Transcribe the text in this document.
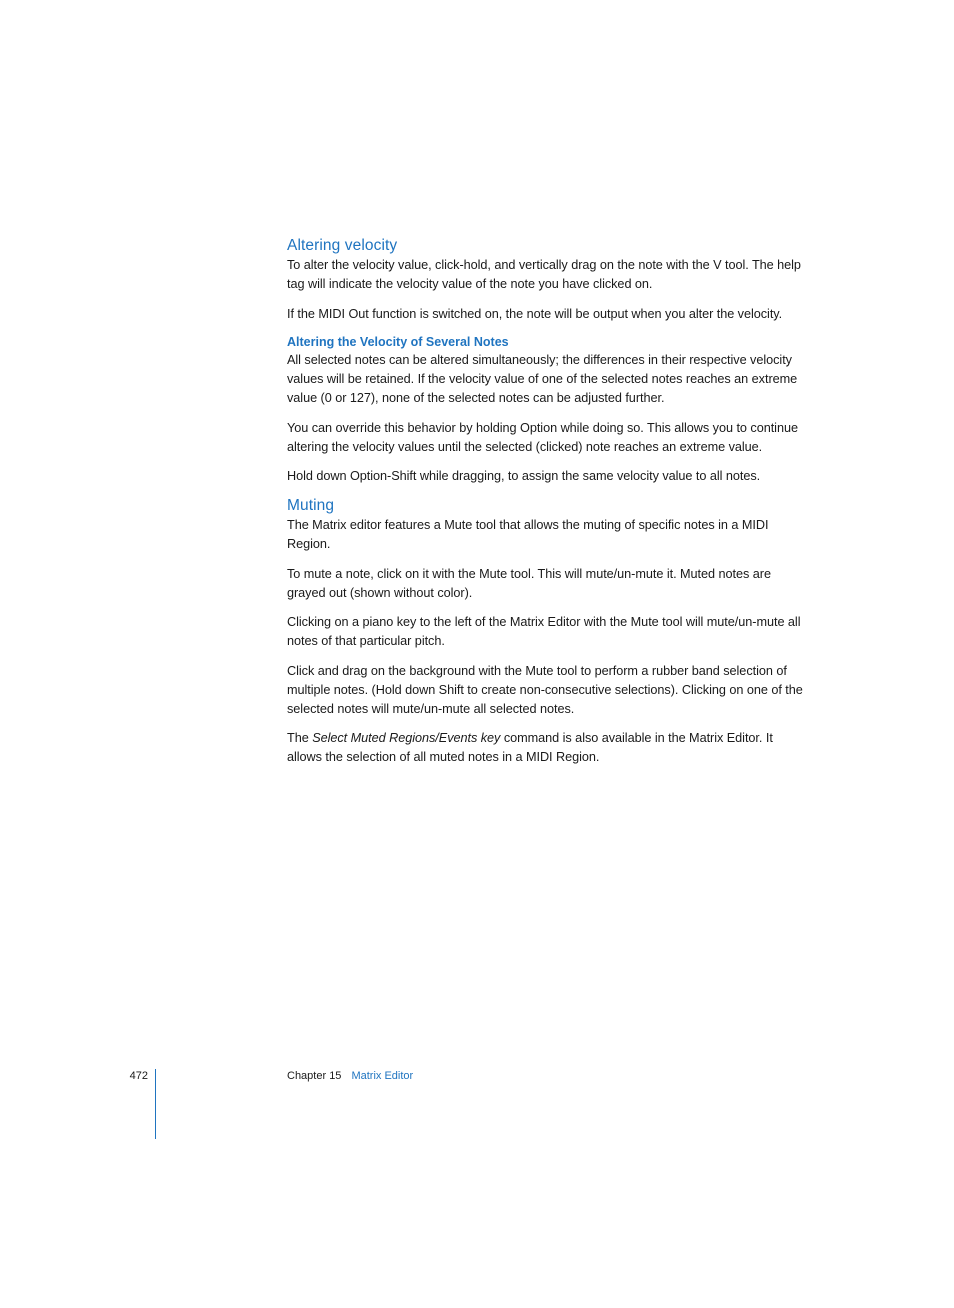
Altering velocity

To alter the velocity value, click-hold, and vertically drag on the note with the V tool. The help tag will indicate the velocity value of the note you have clicked on.

If the MIDI Out function is switched on, the note will be output when you alter the velocity.

Altering the Velocity of Several Notes

All selected notes can be altered simultaneously; the differences in their respective velocity values will be retained. If the velocity value of one of the selected notes reaches an extreme value (0 or 127), none of the selected notes can be adjusted further.

You can override this behavior by holding Option while doing so. This allows you to continue altering the velocity values until the selected (clicked) note reaches an extreme value.

Hold down Option-Shift while dragging, to assign the same velocity value to all notes.

Muting

The Matrix editor features a Mute tool that allows the muting of specific notes in a MIDI Region.

To mute a note, click on it with the Mute tool. This will mute/un-mute it. Muted notes are grayed out (shown without color).

Clicking on a piano key to the left of the Matrix Editor with the Mute tool will mute/un-mute all notes of that particular pitch.

Click and drag on the background with the Mute tool to perform a rubber band selection of multiple notes. (Hold down Shift to create non-consecutive selections). Clicking on one of the selected notes will mute/un-mute all selected notes.

The Select Muted Regions/Events key command is also available in the Matrix Editor. It allows the selection of all muted notes in a MIDI Region.

472	Chapter 15 Matrix Editor
